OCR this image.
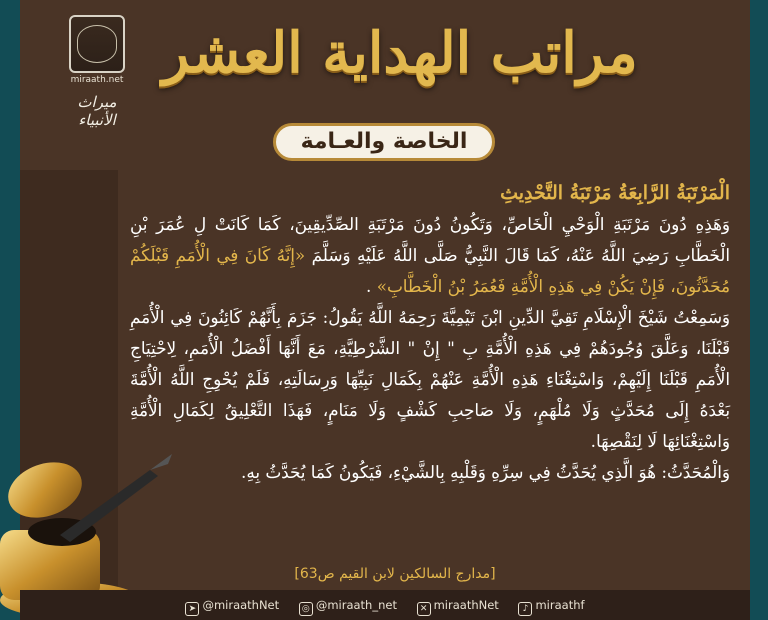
miraath.net
ميراث الأنبياء
مراتب الهداية العشر
الخاصة والعـامة
الْمَرْتَبَةُ الرَّابِعَةُ مَرْتَبَةُ التَّحْدِيثِ
وَهَذِهِ دُونَ مَرْتَبَةِ الْوَحْيِ الْخَاصِّ، وَتَكُونُ دُونَ مَرْتَبَةِ الصِّدِّيقِينَ، كَمَا كَانَتْ لِ عُمَرَ بْنِ الْخَطَّابِ رَضِيَ اللَّهُ عَنْهُ، كَمَا قَالَ النَّبِيُّ صَلَّى اللَّهُ عَلَيْهِ وَسَلَّمَ «إِنَّهُ كَانَ فِي الْأُمَمِ قَبْلَكُمْ مُحَدَّثُونَ، فَإِنْ يَكُنْ فِي هَذِهِ الْأُمَّةِ فَعُمَرُ بْنُ الْخَطَّابِ» .
وَسَمِعْتُ شَيْخَ الْإِسْلَامِ تَقِيَّ الدِّينِ ابْنَ تَيْمِيَّةَ رَحِمَهُ اللَّهُ يَقُولُ: جَزَمَ بِأَنَّهُمْ كَائِنُونَ فِي الْأُمَمِ قَبْلَنَا، وَعَلَّقَ وُجُودَهُمْ فِي هَذِهِ الْأُمَّةِ بِ " إِنْ " الشَّرْطِيَّةِ، مَعَ أَنَّهَا أَفْضَلُ الْأُمَمِ، لِاحْتِيَاجِ الْأُمَمِ قَبْلَنَا إِلَيْهِمْ، وَاسْتِغْنَاءِ هَذِهِ الْأُمَّةِ عَنْهُمْ بِكَمَالِ نَبِيِّهَا وَرِسَالَتِهِ، فَلَمْ يُحْوِجِ اللَّهُ الْأُمَّةَ بَعْدَهُ إِلَى مُحَدَّثٍ وَلَا مُلْهَمٍ، وَلَا صَاحِبِ كَشْفٍ وَلَا مَنَامٍ، فَهَذَا التَّعْلِيقُ لِكَمَالِ الْأُمَّةِ وَاسْتِغْنَائِهَا لَا لِنَقْصِهَا.
وَالْمُحَدَّثُ: هُوَ الَّذِي يُحَدَّثُ فِي سِرِّهِ وَقَلْبِهِ بِالشَّيْءِ، فَيَكُونُ كَمَا يُحَدَّثُ بِهِ.
[مدارج السالكين لابن القيم ص63]
➤ @miraathNet	◎ @miraath_net	✕ miraathNet	♪ miraathf
